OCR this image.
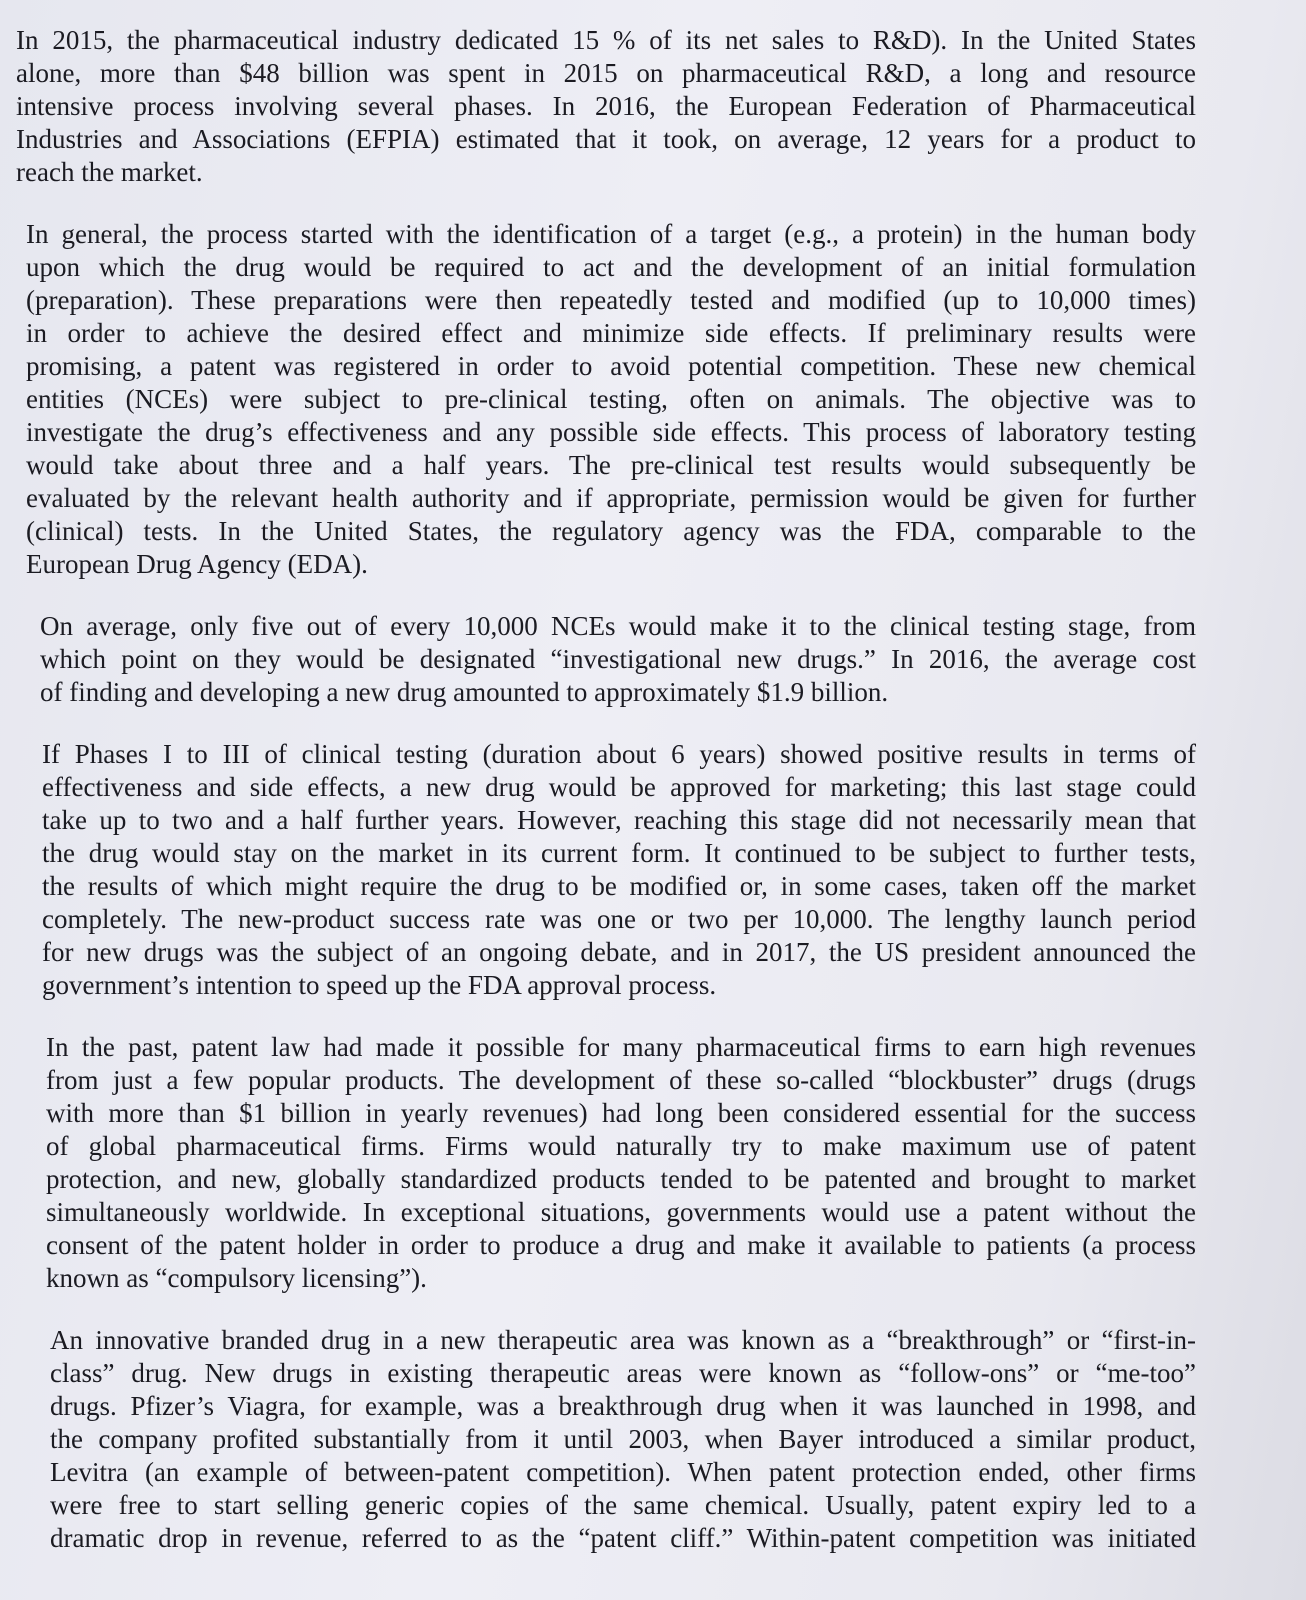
In 2015, the pharmaceutical industry dedicated 15 % of its net sales to R&D). In the United States
alone, more than $48 billion was spent in 2015 on pharmaceutical R&D, a long and resource
intensive process involving several phases. In 2016, the European Federation of Pharmaceutical
Industries and Associations (EFPIA) estimated that it took, on average, 12 years for a product to
reach the market.

In general, the process started with the identification of a target (e.g., a protein) in the human body
upon which the drug would be required to act and the development of an initial formulation
(preparation). These preparations were then repeatedly tested and modified (up to 10,000 times)
in order to achieve the desired effect and minimize side effects. If preliminary results were
promising, a patent was registered in order to avoid potential competition. These new chemical
entities (NCEs) were subject to pre-clinical testing, often on animals. The objective was to
investigate the drug’s effectiveness and any possible side effects. This process of laboratory testing
would take about three and a half years. The pre-clinical test results would subsequently be
evaluated by the relevant health authority and if appropriate, permission would be given for further
(clinical) tests. In the United States, the regulatory agency was the FDA, comparable to the
European Drug Agency (EDA).

On average, only five out of every 10,000 NCEs would make it to the clinical testing stage, from
which point on they would be designated “investigational new drugs.” In 2016, the average cost
of finding and developing a new drug amounted to approximately $1.9 billion.

If Phases I to III of clinical testing (duration about 6 years) showed positive results in terms of
effectiveness and side effects, a new drug would be approved for marketing; this last stage could
take up to two and a half further years. However, reaching this stage did not necessarily mean that
the drug would stay on the market in its current form. It continued to be subject to further tests,
the results of which might require the drug to be modified or, in some cases, taken off the market
completely. The new-product success rate was one or two per 10,000. The lengthy launch period
for new drugs was the subject of an ongoing debate, and in 2017, the US president announced the
government’s intention to speed up the FDA approval process.

In the past, patent law had made it possible for many pharmaceutical firms to earn high revenues
from just a few popular products. The development of these so-called “blockbuster” drugs (drugs
with more than $1 billion in yearly revenues) had long been considered essential for the success
of global pharmaceutical firms. Firms would naturally try to make maximum use of patent
protection, and new, globally standardized products tended to be patented and brought to market
simultaneously worldwide. In exceptional situations, governments would use a patent without the
consent of the patent holder in order to produce a drug and make it available to patients (a process
known as “compulsory licensing”).

An innovative branded drug in a new therapeutic area was known as a “breakthrough” or “first-in-
class” drug. New drugs in existing therapeutic areas were known as “follow-ons” or “me-too”
drugs. Pfizer’s Viagra, for example, was a breakthrough drug when it was launched in 1998, and
the company profited substantially from it until 2003, when Bayer introduced a similar product,
Levitra (an example of between-patent competition). When patent protection ended, other firms
were free to start selling generic copies of the same chemical. Usually, patent expiry led to a
dramatic drop in revenue, referred to as the “patent cliff.” Within-patent competition was initiated
